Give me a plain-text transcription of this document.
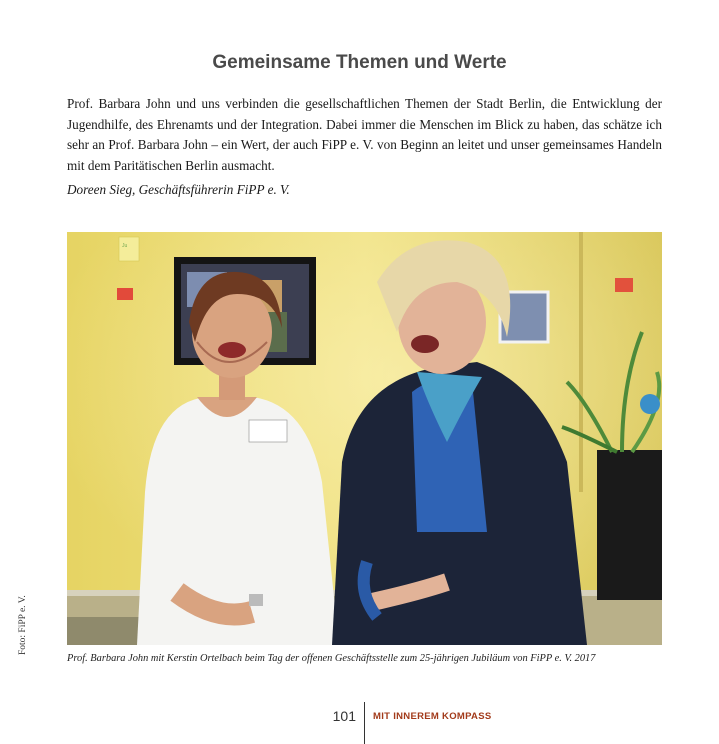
Gemeinsame Themen und Werte

Prof. Barbara John und uns verbinden die gesellschaftlichen Themen der Stadt Berlin, die Entwicklung der Jugendhilfe, des Ehrenamts und der Integration. Dabei immer die Menschen im Blick zu haben, das schätze ich sehr an Prof. Barbara John – ein Wert, der auch FiPP e. V. von Beginn an leitet und unser gemeinsames Handeln mit dem Paritätischen Berlin ausmacht.

Doreen Sieg, Geschäftsführerin FiPP e. V.

Ju

Prof. Barbara John mit Kerstin Ortelbach beim Tag der offenen Geschäftsstelle zum 25-jährigen Jubiläum von FiPP e. V. 2017

Foto: FiPP e. V.
101 MIT INNEREM KOMPASS
